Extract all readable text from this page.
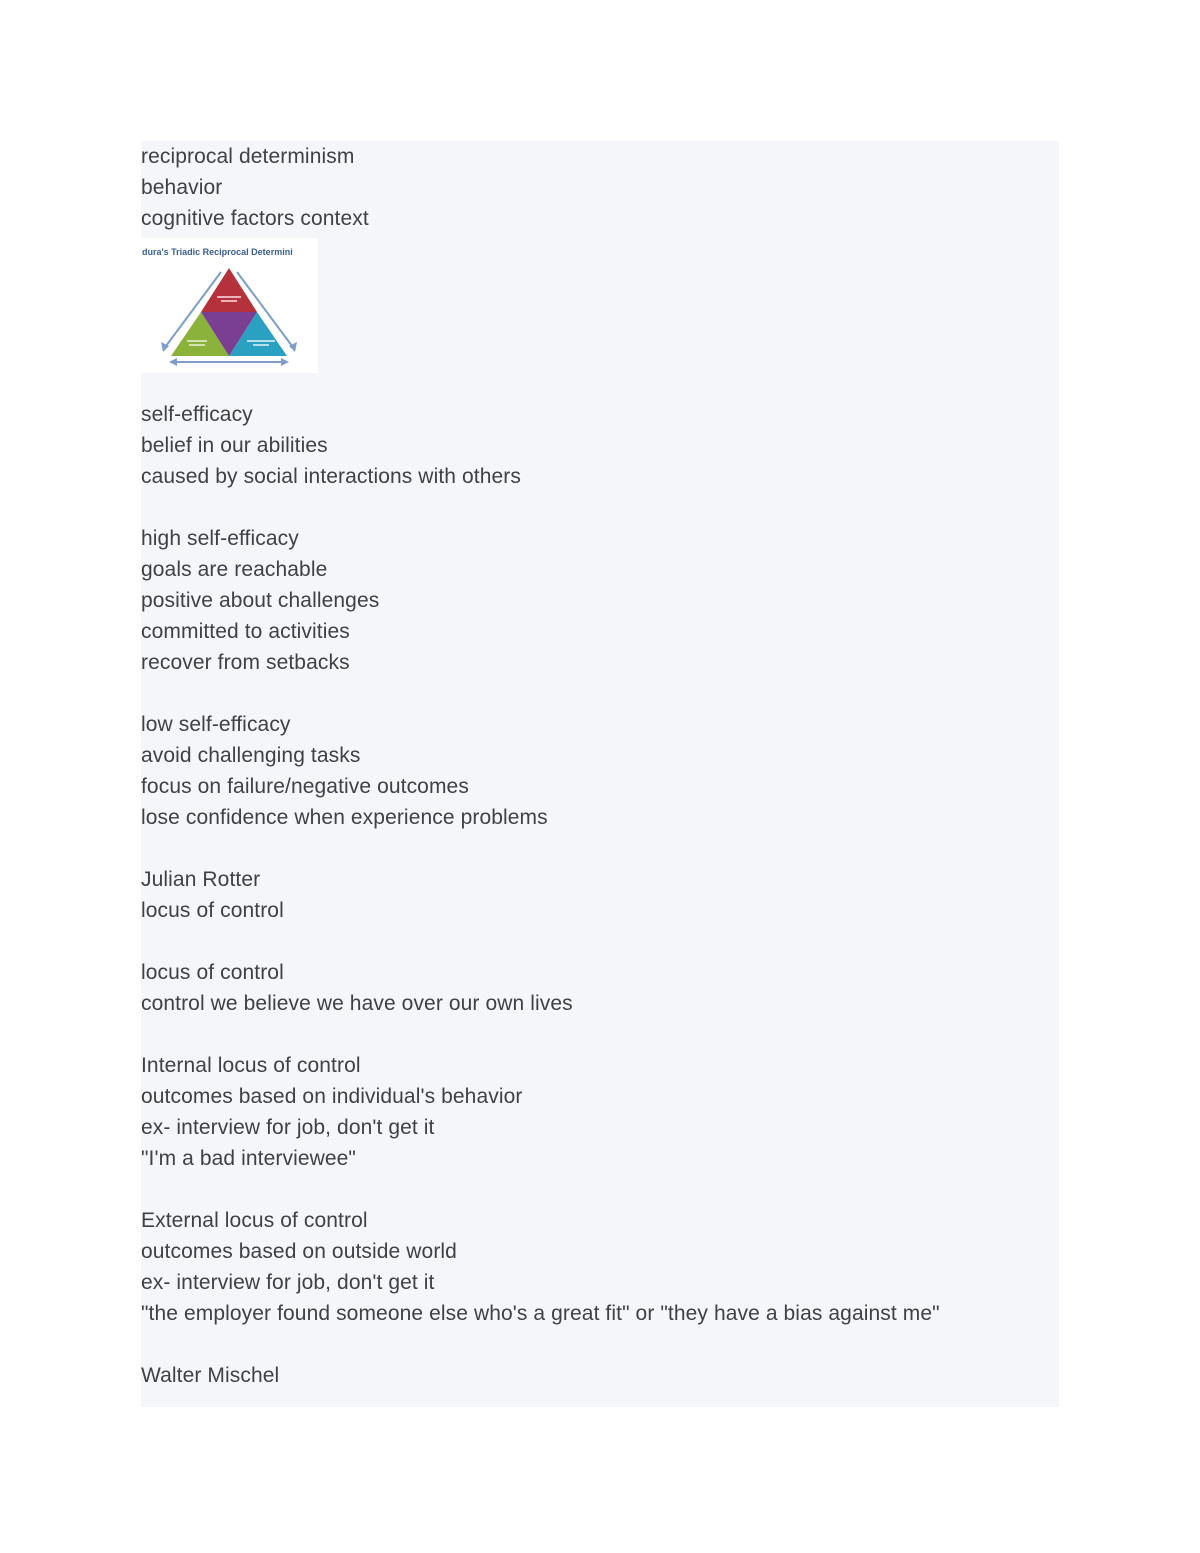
reciprocal determinism
behavior
cognitive factors context
dura's Triadic Reciprocal Determini
self-efficacy
belief in our abilities
caused by social interactions with others
high self-efficacy
goals are reachable
positive about challenges
committed to activities
recover from setbacks
low self-efficacy
avoid challenging tasks
focus on failure/negative outcomes
lose confidence when experience problems
Julian Rotter
locus of control
locus of control
control we believe we have over our own lives
Internal locus of control
outcomes based on individual's behavior
ex- interview for job, don't get it
"I'm a bad interviewee"
External locus of control
outcomes based on outside world
ex- interview for job, don't get it
"the employer found someone else who's a great fit" or "they have a bias against me"
Walter Mischel
